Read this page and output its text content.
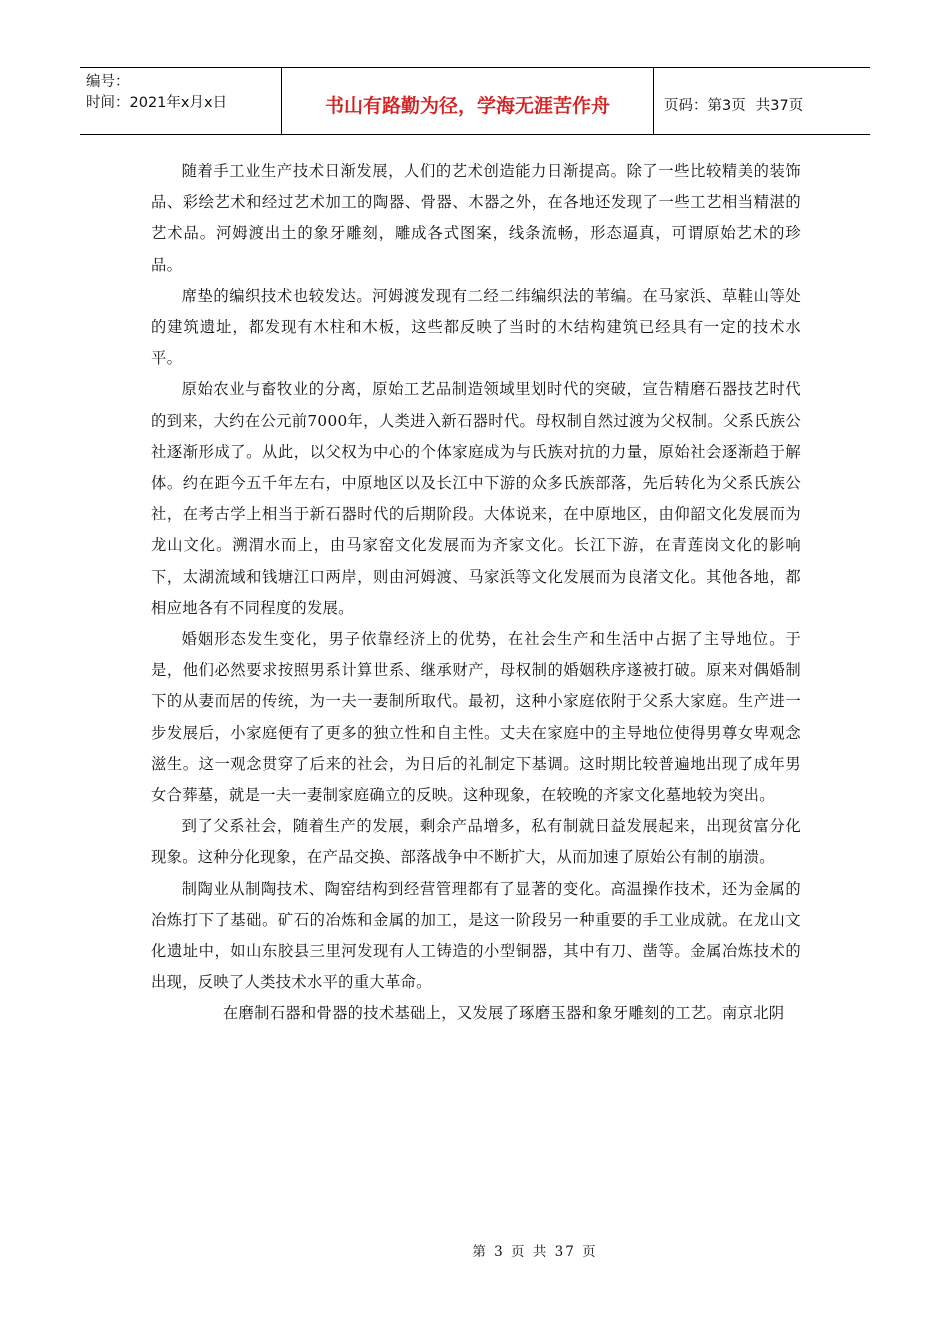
编号：
时间：2021年x月x日	书山有路勤为径，学海无涯苦作舟	页码：第3页 共37页

随着手工业生产技术日渐发展，人们的艺术创造能力日渐提高。除了一些比较精美的装饰品、彩绘艺术和经过艺术加工的陶器、骨器、木器之外，在各地还发现了一些工艺相当精湛的艺术品。河姆渡出土的象牙雕刻，雕成各式图案，线条流畅，形态逼真，可谓原始艺术的珍品。

席垫的编织技术也较发达。河姆渡发现有二经二纬编织法的苇编。在马家浜、草鞋山等处的建筑遗址，都发现有木柱和木板，这些都反映了当时的木结构建筑已经具有一定的技术水平。

原始农业与畜牧业的分离，原始工艺品制造领域里划时代的突破，宣告精磨石器技艺时代的到来，大约在公元前7000年，人类进入新石器时代。母权制自然过渡为父权制。父系氏族公社逐渐形成了。从此，以父权为中心的个体家庭成为与氏族对抗的力量，原始社会逐渐趋于解体。约在距今五千年左右，中原地区以及长江中下游的众多氏族部落，先后转化为父系氏族公社，在考古学上相当于新石器时代的后期阶段。大体说来，在中原地区，由仰韶文化发展而为龙山文化。溯渭水而上，由马家窑文化发展而为齐家文化。长江下游，在青莲岗文化的影响下，太湖流域和钱塘江口两岸，则由河姆渡、马家浜等文化发展而为良渚文化。其他各地，都相应地各有不同程度的发展。

婚姻形态发生变化，男子依靠经济上的优势，在社会生产和生活中占据了主导地位。于是，他们必然要求按照男系计算世系、继承财产，母权制的婚姻秩序遂被打破。原来对偶婚制下的从妻而居的传统，为一夫一妻制所取代。最初，这种小家庭依附于父系大家庭。生产进一步发展后，小家庭便有了更多的独立性和自主性。丈夫在家庭中的主导地位使得男尊女卑观念滋生。这一观念贯穿了后来的社会，为日后的礼制定下基调。这时期比较普遍地出现了成年男女合葬墓，就是一夫一妻制家庭确立的反映。这种现象，在较晚的齐家文化墓地较为突出。

到了父系社会，随着生产的发展，剩余产品增多，私有制就日益发展起来，出现贫富分化现象。这种分化现象，在产品交换、部落战争中不断扩大，从而加速了原始公有制的崩溃。

制陶业从制陶技术、陶窑结构到经营管理都有了显著的变化。高温操作技术，还为金属的冶炼打下了基础。矿石的冶炼和金属的加工，是这一阶段另一种重要的手工业成就。在龙山文化遗址中，如山东胶县三里河发现有人工铸造的小型铜器，其中有刀、凿等。金属冶炼技术的出现，反映了人类技术水平的重大革命。

在磨制石器和骨器的技术基础上，又发展了琢磨玉器和象牙雕刻的工艺。南京北阴

第 3 页 共 37 页
